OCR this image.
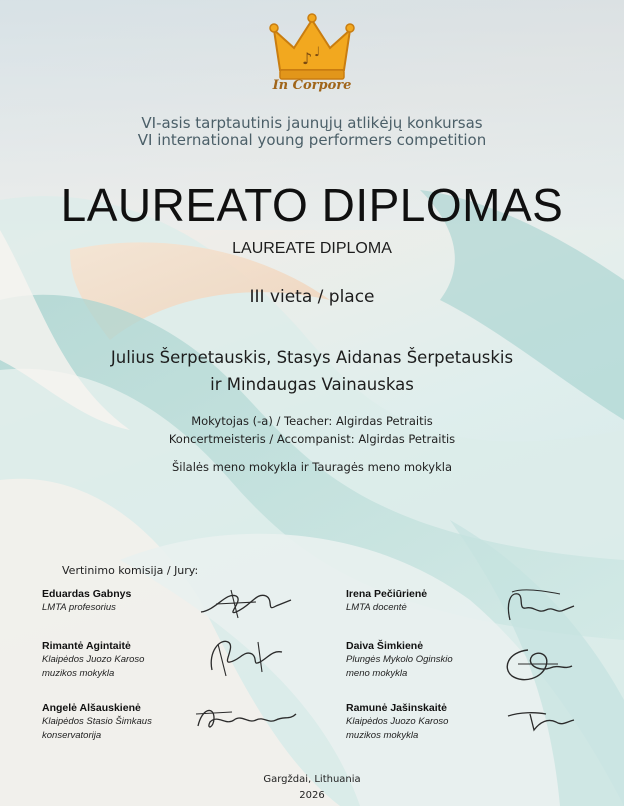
♪ ♩
In Corpore
VI-asis tarptautinis jaunųjų atlikėjų konkursas
VI international young performers competition
LAUREATO DIPLOMAS
LAUREATE DIPLOMA
III vieta / place
Julius Šerpetauskis, Stasys Aidanas Šerpetauskis
ir Mindaugas Vainauskas
Mokytojas (-a) / Teacher: Algirdas Petraitis
Koncertmeisteris / Accompanist: Algirdas Petraitis
Šilalės meno mokykla ir Tauragės meno mokykla
Vertinimo komisija / Jury:
Eduardas Gabnys
LMTA profesorius
Rimantė Agintaitė
Klaipėdos Juozo Karoso
muzikos mokykla
Angelė Alšauskienė
Klaipėdos Stasio Šimkaus
konservatorija
Irena Pečiūrienė
LMTA docentė
Daiva Šimkienė
Plungės Mykolo Oginskio
meno mokykla
Ramunė Jašinskaitė
Klaipėdos Juozo Karoso
muzikos mokykla
Gargždai, Lithuania
2026
